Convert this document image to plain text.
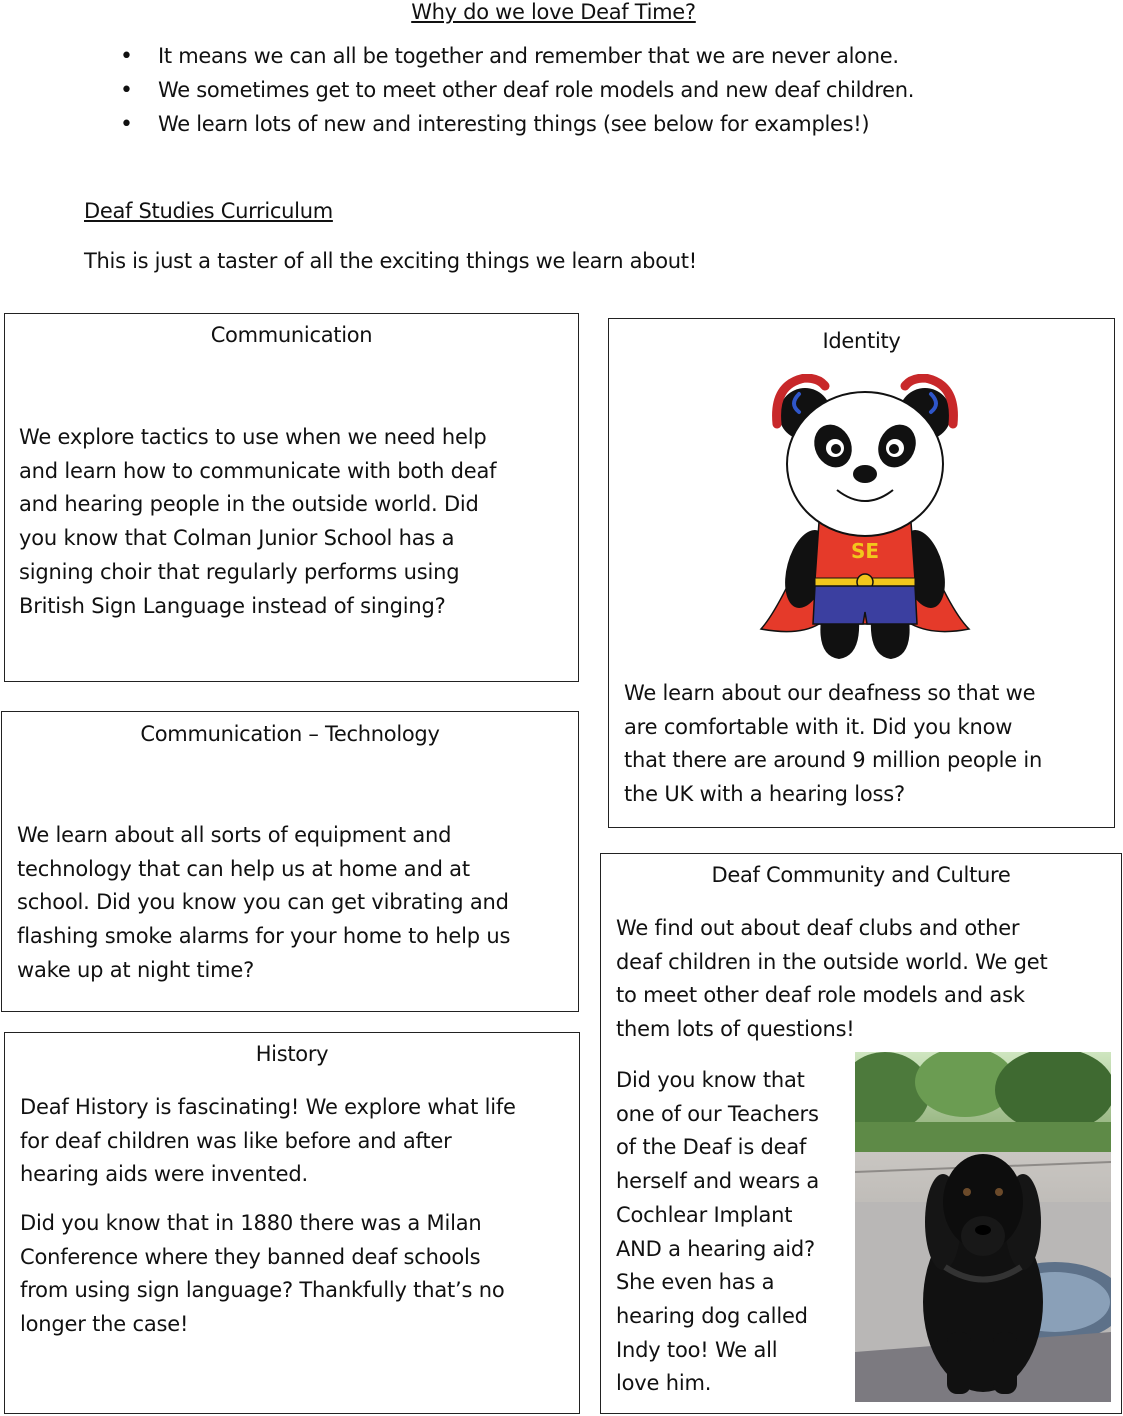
Why do we love Deaf Time?
• It means we can all be together and remember that we are never alone.
• We sometimes get to meet other deaf role models and new deaf children.
• We learn lots of new and interesting things (see below for examples!)
Deaf Studies Curriculum
This is just a taster of all the exciting things we learn about!
Communication
We explore tactics to use when we need help
and learn how to communicate with both deaf
and hearing people in the outside world. Did
you know that Colman Junior School has a
signing choir that regularly performs using
British Sign Language instead of singing?
Identity
SE
We learn about our deafness so that we
are comfortable with it. Did you know
that there are around 9 million people in
the UK with a hearing loss?
Communication – Technology
We learn about all sorts of equipment and
technology that can help us at home and at
school. Did you know you can get vibrating and
flashing smoke alarms for your home to help us
wake up at night time?
History
Deaf History is fascinating! We explore what life
for deaf children was like before and after
hearing aids were invented.
Did you know that in 1880 there was a Milan
Conference where they banned deaf schools
from using sign language? Thankfully that’s no
longer the case!
Deaf Community and Culture
We find out about deaf clubs and other
deaf children in the outside world. We get
to meet other deaf role models and ask
them lots of questions!
Did you know that
one of our Teachers
of the Deaf is deaf
herself and wears a
Cochlear Implant
AND a hearing aid?
She even has a
hearing dog called
Indy too! We all
love him.
